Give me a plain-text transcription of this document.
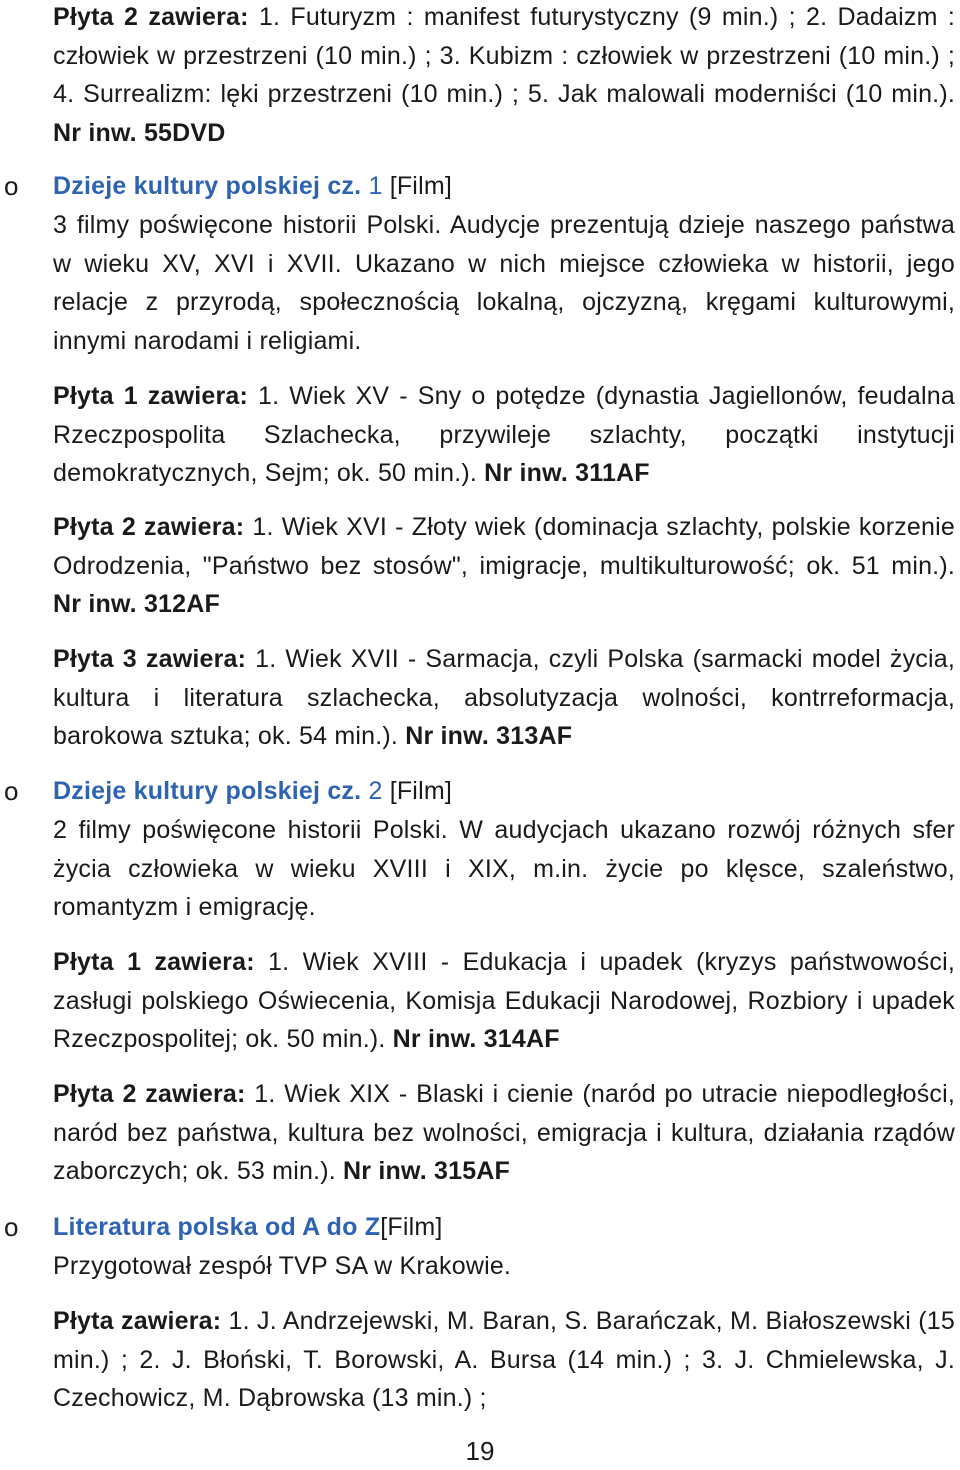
Płyta 2 zawiera: 1. Futuryzm : manifest futurystyczny (9 min.) ; 2. Dadaizm : człowiek w przestrzeni (10 min.) ; 3. Kubizm : człowiek w przestrzeni (10 min.) ; 4. Surrealizm: lęki przestrzeni (10 min.) ; 5. Jak malowali moderniści (10 min.). Nr inw. 55DVD
o Dzieje kultury polskiej cz. 1 [Film]
3 filmy poświęcone historii Polski. Audycje prezentują dzieje naszego państwa w wieku XV, XVI i XVII. Ukazano w nich miejsce człowieka w historii, jego relacje z przyrodą, społecznością lokalną, ojczyzną, kręgami kulturowymi, innymi narodami i religiami.
Płyta 1 zawiera: 1. Wiek XV - Sny o potędze (dynastia Jagiellonów, feudalna Rzeczpospolita Szlachecka, przywileje szlachty, początki instytucji demokratycznych, Sejm; ok. 50 min.). Nr inw. 311AF
Płyta 2 zawiera: 1. Wiek XVI - Złoty wiek (dominacja szlachty, polskie korzenie Odrodzenia, "Państwo bez stosów", imigracje, multikulturowość; ok. 51 min.). Nr inw. 312AF
Płyta 3 zawiera: 1. Wiek XVII - Sarmacja, czyli Polska (sarmacki model życia, kultura i literatura szlachecka, absolutyzacja wolności, kontrreformacja, barokowa sztuka; ok. 54 min.). Nr inw. 313AF
o Dzieje kultury polskiej cz. 2 [Film]
2 filmy poświęcone historii Polski. W audycjach ukazano rozwój różnych sfer życia człowieka w wieku XVIII i XIX, m.in. życie po klęsce, szaleństwo, romantyzm i emigrację.
Płyta 1 zawiera: 1. Wiek XVIII - Edukacja i upadek (kryzys państwowości, zasługi polskiego Oświecenia, Komisja Edukacji Narodowej, Rozbiory i upadek Rzeczpospolitej; ok. 50 min.). Nr inw. 314AF
Płyta 2 zawiera: 1. Wiek XIX - Blaski i cienie (naród po utracie niepodległości, naród bez państwa, kultura bez wolności, emigracja i kultura, działania rządów zaborczych; ok. 53 min.). Nr inw. 315AF
o Literatura polska od A do Z[Film]
Przygotował zespół TVP SA w Krakowie.
Płyta zawiera: 1. J. Andrzejewski, M. Baran, S. Barańczak, M. Białoszewski (15 min.) ; 2. J. Błoński, T. Borowski, A. Bursa (14 min.) ; 3. J. Chmielewska, J. Czechowicz, M. Dąbrowska (13 min.) ;
19
